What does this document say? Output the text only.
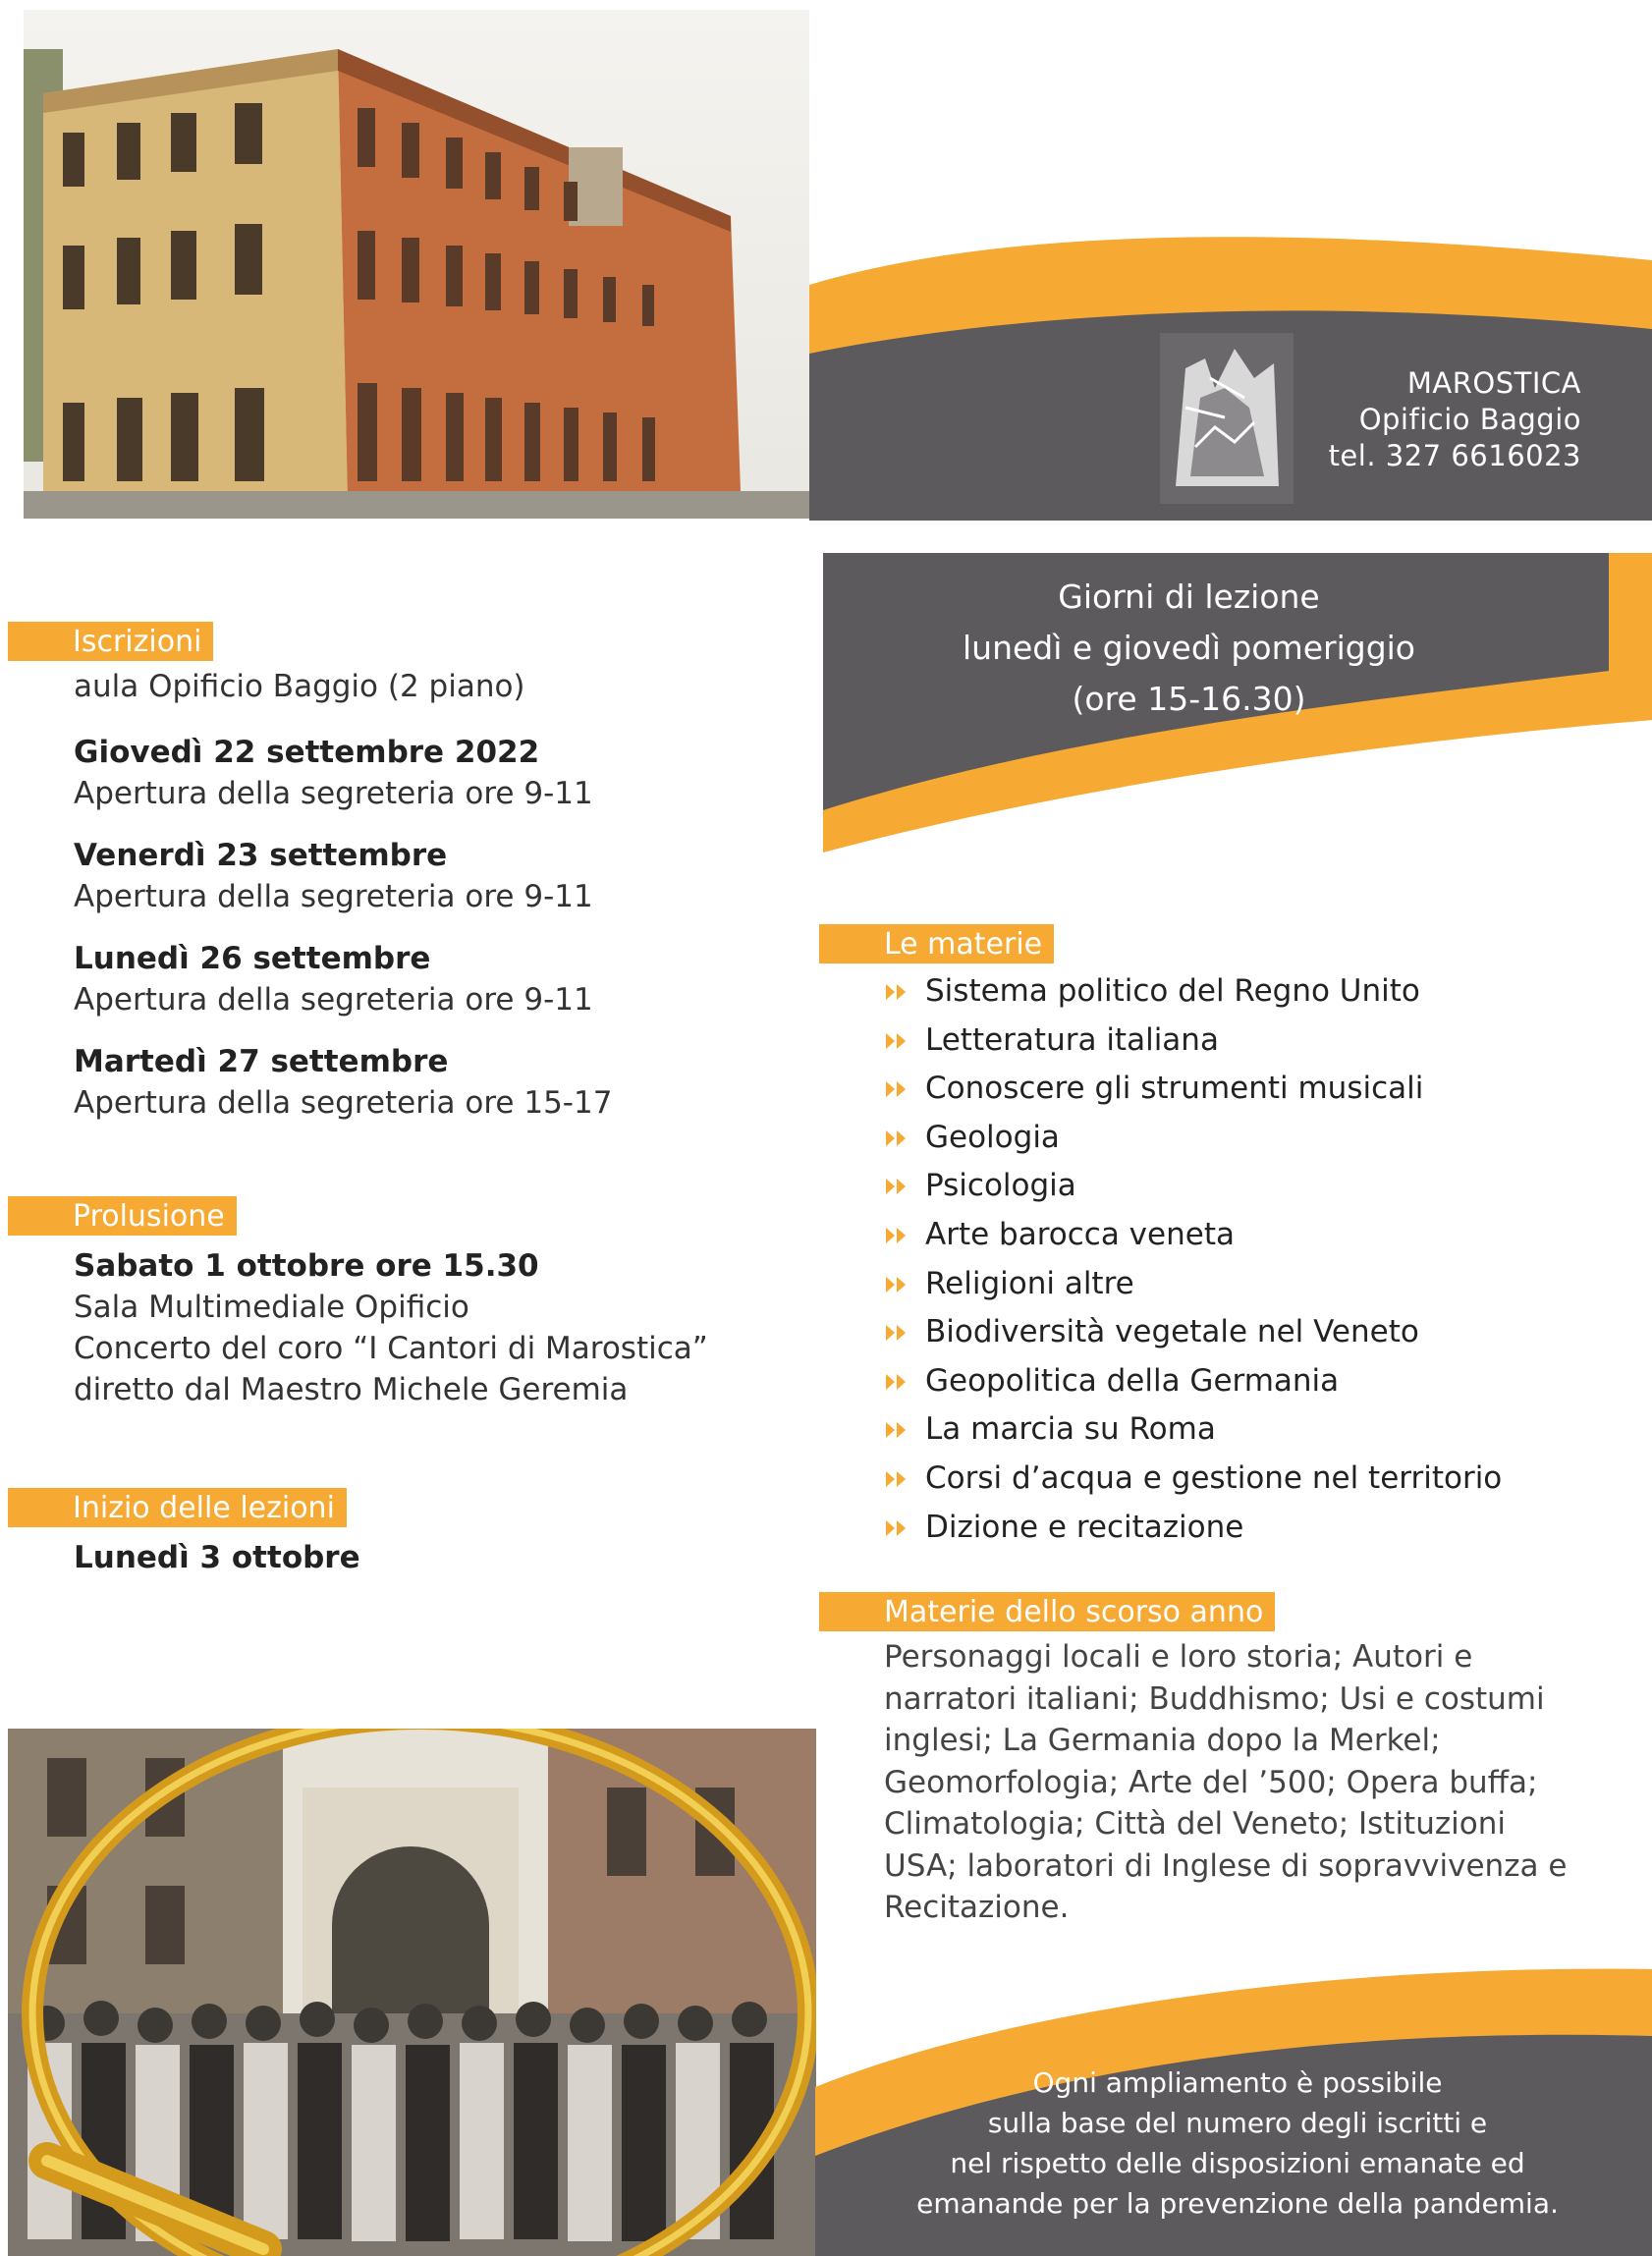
MAROSTICA
Opificio Baggio
tel. 327 6616023
Giorni di lezione
lunedì e giovedì pomeriggio
(ore 15-16.30)
Iscrizioni
aula Opificio Baggio (2 piano)
Giovedì 22 settembre 2022
Apertura della segreteria ore 9-11
Venerdì 23 settembre
Apertura della segreteria ore 9-11
Lunedì 26 settembre
Apertura della segreteria ore 9-11
Martedì 27 settembre
Apertura della segreteria ore 15-17
Prolusione
Sabato 1 ottobre ore 15.30
Sala Multimediale Opificio
Concerto del coro “I Cantori di Marostica”
diretto dal Maestro Michele Geremia
Inizio delle lezioni
Lunedì 3 ottobre
Le materie
Sistema politico del Regno Unito
Letteratura italiana
Conoscere gli strumenti musicali
Geologia
Psicologia
Arte barocca veneta
Religioni altre
Biodiversità vegetale nel Veneto
Geopolitica della Germania
La marcia su Roma
Corsi d’acqua e gestione nel territorio
Dizione e recitazione
Materie dello scorso anno
Personaggi locali e loro storia; Autori e
narratori italiani; Buddhismo; Usi e costumi
inglesi; La Germania dopo la Merkel;
Geomorfologia; Arte del ’500; Opera buffa;
Climatologia; Città del Veneto; Istituzioni
USA; laboratori di Inglese di sopravvivenza e
Recitazione.
Ogni ampliamento è possibile
sulla base del numero degli iscritti e
nel rispetto delle disposizioni emanate ed
emanande per la prevenzione della pandemia.
